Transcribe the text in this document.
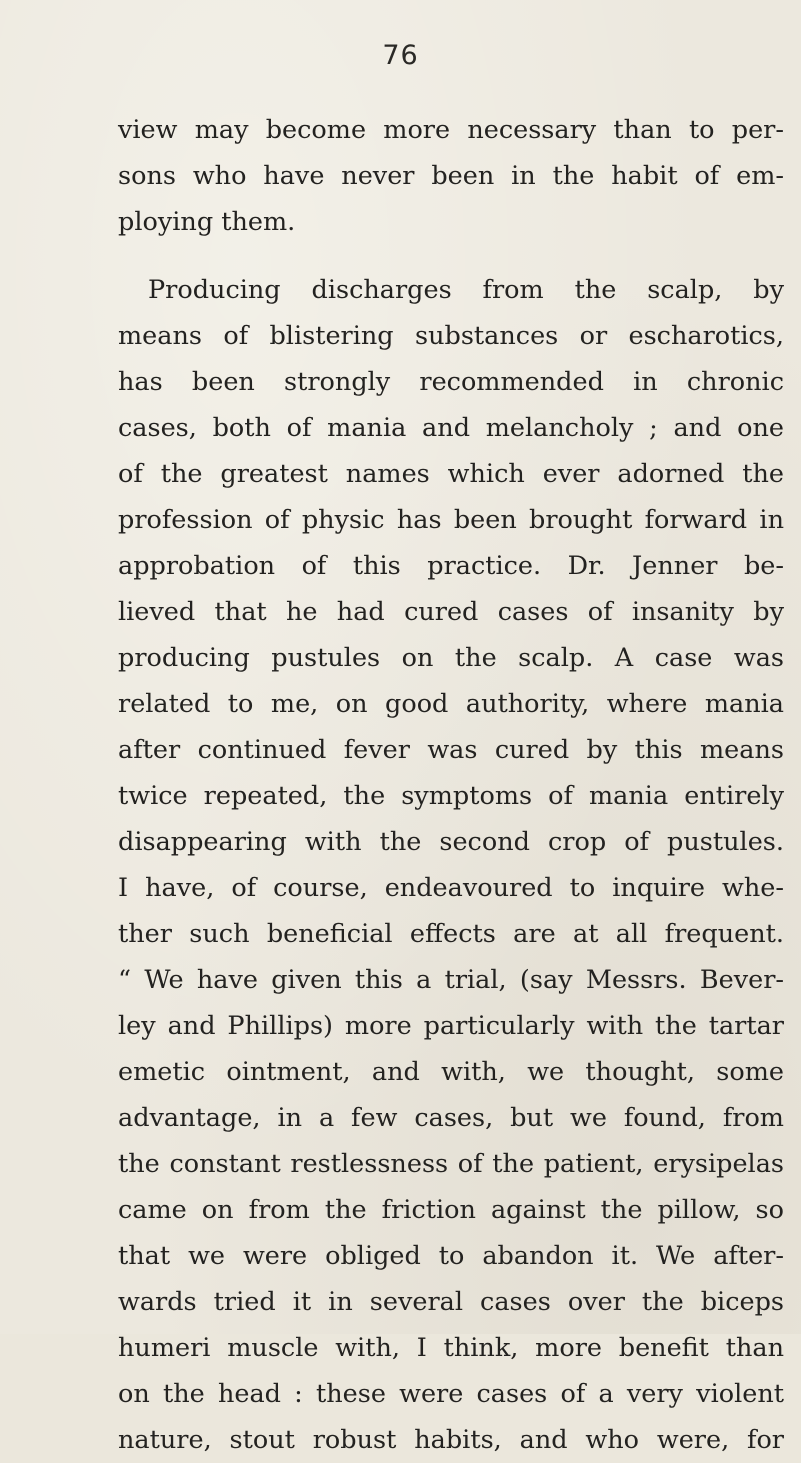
76
view may become more necessary than to per-
sons who have never been in the habit of em-
ploying them.
Producing discharges from the scalp, by
means of blistering substances or escharotics,
has been strongly recommended in chronic
cases, both of mania and melancholy ; and one
of the greatest names which ever adorned the
profession of physic has been brought forward in
approbation of this practice. Dr. Jenner be-
lieved that he had cured cases of insanity by
producing pustules on the scalp. A case was
related to me, on good authority, where mania
after continued fever was cured by this means
twice repeated, the symptoms of mania entirely
disappearing with the second crop of pustules.
I have, of course, endeavoured to inquire whe-
ther such beneficial effects are at all frequent.
“ We have given this a trial, (say Messrs. Bever-
ley and Phillips) more particularly with the tartar
emetic ointment, and with, we thought, some
advantage, in a few cases, but we found, from
the constant restlessness of the patient, erysipelas
came on from the friction against the pillow, so
that we were obliged to abandon it. We after-
wards tried it in several cases over the biceps
humeri muscle with, I think, more benefit than
on the head : these were cases of a very violent
nature, stout robust habits, and who were, for
